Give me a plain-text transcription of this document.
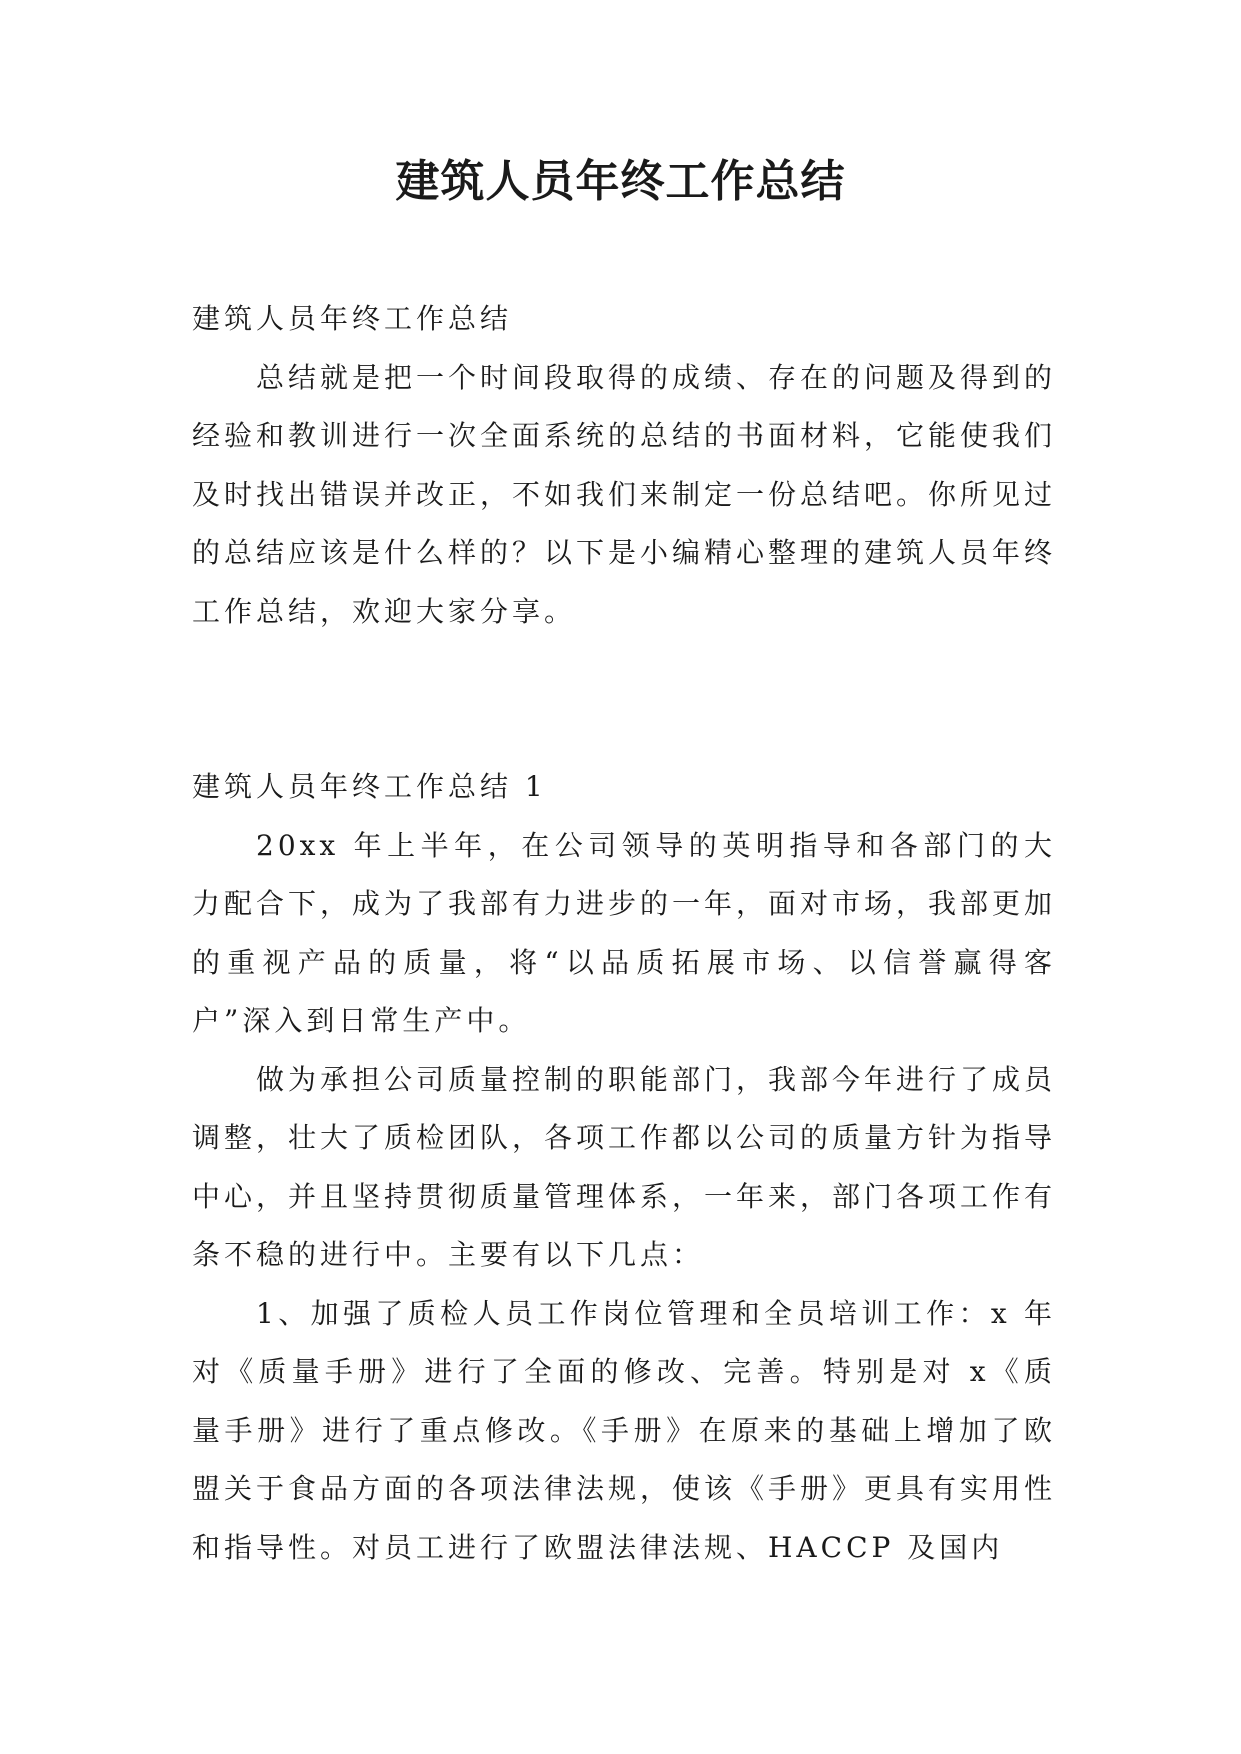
建筑人员年终工作总结

建筑人员年终工作总结

总结就是把一个时间段取得的成绩、存在的问题及得到的经验和教训进行一次全面系统的总结的书面材料，它能使我们及时找出错误并改正，不如我们来制定一份总结吧。你所见过的总结应该是什么样的？以下是小编精心整理的建筑人员年终工作总结，欢迎大家分享。

建筑人员年终工作总结 1

20xx 年上半年，在公司领导的英明指导和各部门的大力配合下，成为了我部有力进步的一年，面对市场，我部更加的重视产品的质量，将“以品质拓展市场、以信誉赢得客户”深入到日常生产中。

做为承担公司质量控制的职能部门，我部今年进行了成员调整，壮大了质检团队，各项工作都以公司的质量方针为指导中心，并且坚持贯彻质量管理体系，一年来，部门各项工作有条不稳的进行中。主要有以下几点：

1、加强了质检人员工作岗位管理和全员培训工作：x 年对《质量手册》进行了全面的修改、完善。特别是对 x《质量手册》进行了重点修改。《手册》在原来的基础上增加了欧盟关于食品方面的各项法律法规，使该《手册》更具有实用性和指导性。对员工进行了欧盟法律法规、HACCP 及国内
